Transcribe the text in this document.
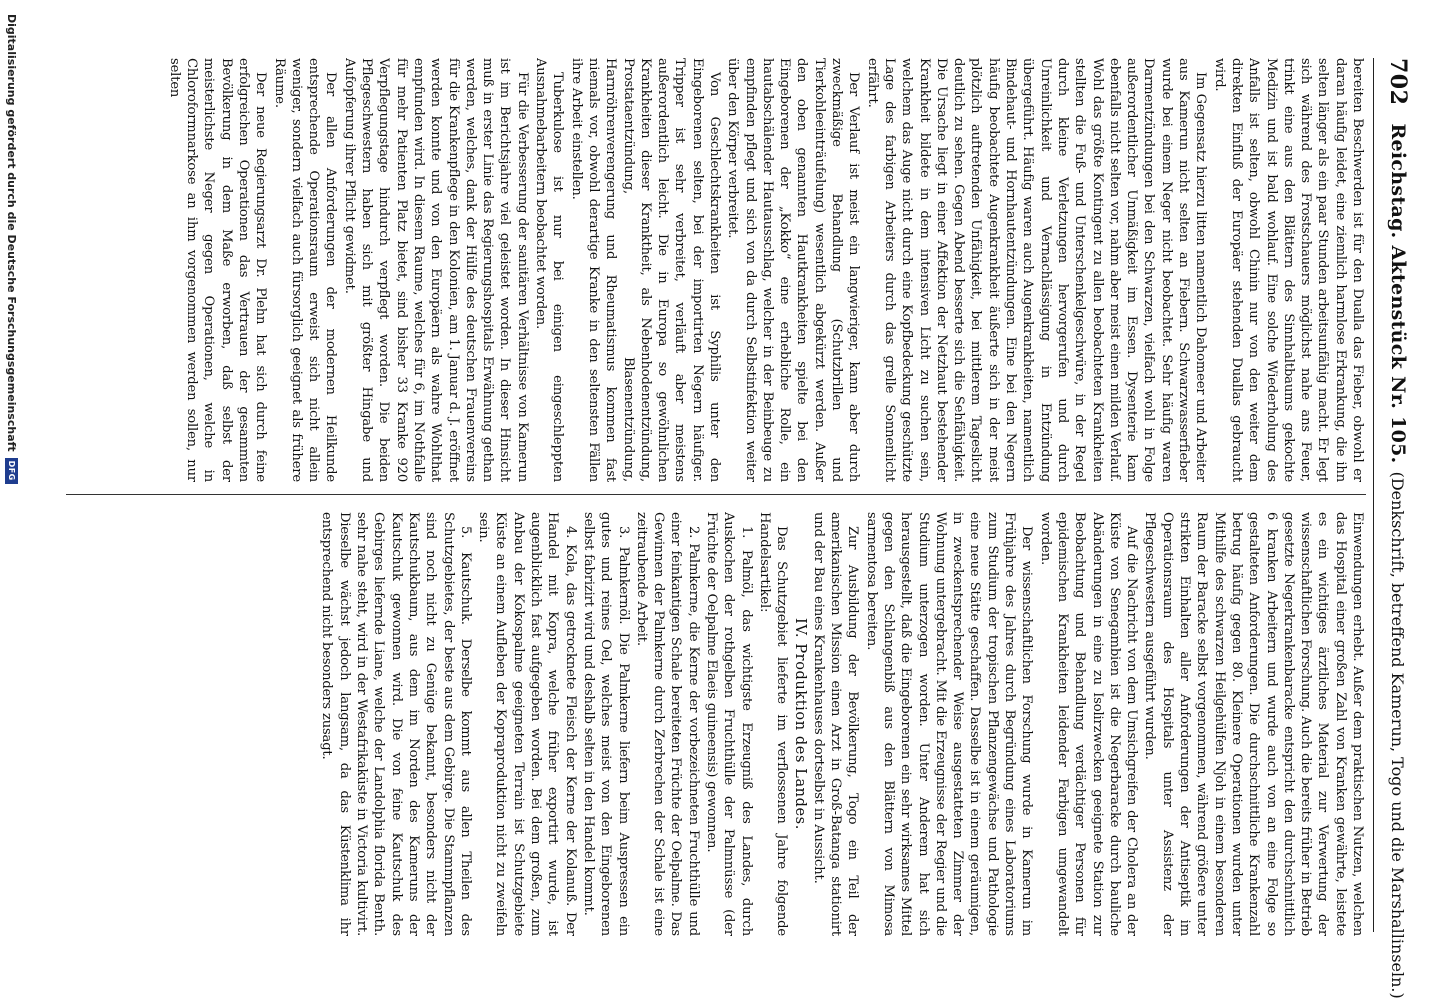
702
Reichstag. Aktenstück Nr. 105.
(Denkschrift, betreffend Kamerun, Togo und die Marshallinseln.)

bereiten Beschwerden ist für den Dualla das Fieber, obwohl er daran häufig leidet, eine ziemlich harmlose Erkrankung, die ihn selten länger als ein paar Stunden arbeitsunfähig macht. Er legt sich während des Frostschauers möglichst nahe ans Feuer, trinkt eine aus den Blättern des Sinnhaltbaums gekochte Medizin und ist bald wohlauf. Eine solche Wiederholung des Anfalls ist selten, obwohl Chinin nur von den weiter dem direkten Einfluß der Europäer stehenden Duallas gebraucht wird.

Im Gegensatz hierzu litten namentlich Dahomeer und Arbeiter aus Kamerun nicht selten an Fiebern. Schwarzwasserfieber wurde bei einem Neger nicht beobachtet. Sehr häufig waren Darmentzündungen bei den Schwarzen, vielfach wohl in Folge außerordentlicher Unmäßigkeit im Essen. Dysenterie kam ebenfalls nicht selten vor, nahm aber meist einen milden Verlauf. Wohl das größte Kontingent zu allen beobachteten Krankheiten stellten die Fuß- und Unterschenkelgeschwüre, in der Regel durch kleine Verletzungen hervorgerufen und durch Unreinlichkeit und Vernachlässigung in Entzündung übergeführt. Häufig waren auch Augenkrankheiten, namentlich Bindehaut- und Hornhautentzündungen. Eine bei den Negern häufig beobachtete Augenkrankheit äußerte sich in der meist plötzlich auftretenden Unfähigkeit, bei mittlerem Tageslicht deutlich zu sehen. Gegen Abend besserte sich die Sehfähigkeit. Die Ursache liegt in einer Affektion der Netzhaut bestehender Krankheit bildete in dem intensiven Licht zu suchen sein, welchem das Auge nicht durch eine Kopfbedeckung geschützte Lage des farbigen Arbeiters durch das grelle Sonnenlicht erfährt.

Der Verlauf ist meist ein langwieriger, kann aber durch zweckmäßige Behandlung (Schutzbrillen und Tierkohleeinträufelung) wesentlich abgekürzt werden. Außer den oben genannten Hautkrankheiten spielte bei den Eingeborenen der „Kokko“ eine erhebliche Rolle, ein hautabschälender Hautausschlag, welcher in der Beinbeuge zu empfinden pflegt und sich von da durch Selbstinfektion weiter über den Körper verbreitet.

Von Geschlechtskrankheiten ist Syphilis unter den Eingeborenen selten, bei der importirten Negern häufiger. Tripper ist sehr verbreitet, verläuft aber meistens außerordentlich leicht. Die in Europa so gewöhnlichen Krankheiten dieser Kranktheit, als Nebenhodenentzündung, Prostataentzündung, Blasenentzündung, Harnröhrenverengerung und Rheumatismus kommen fast niemals vor, obwohl derartige Kranke in den seltensten Fällen ihre Arbeit einstellen.

Tuberkulose ist nur bei einigen eingeschleppten Ausnahmebarbeitern beobachtet worden.

Für die Verbesserung der sanitären Verhältnisse von Kamerun ist im Berichtsjahre viel geleistet worden. In dieser Hinsicht muß in erster Linie das Regierungshospitals Erwähnung gethan werden, welches, dank der Hülfe des deutschen Frauenvereins für die Krankenpflege in den Kolonien, am 1. Januar d. J. eröffnet werden konnte und von den Europäern als wahre Wohlthat empfunden wird. In diesem Raume, welches für 6, im Nothfalle für mehr Patienten Platz bietet, sind bisher 33 Kranke 920 Verpflegungstage hindurch verpflegt worden. Die beiden Pflegeschwestern haben sich mit größter Hingabe und Aufopferung ihrer Pflicht gewidmet.

Der allen Anforderungen der modernen Heilkunde entsprechende Operationsraum erweist sich nicht allein weniger, sondern vielfach auch fürsorglich geeignet als frühere Räume.

Der neue Regierungsarzt Dr. Plehn hat sich durch feine erfolgreichen Operationen das Vertrauen der gesammten Bevölkerung in dem Maße erworben, daß selbst der meisterlichste Neger gegen Operationen, welche in Chloroformnarkose an ihm vorgenommen werden sollen, nur selten

Einwendungen erhebt. Außer dem praktischen Nutzen, welchen das Hospital einer großen Zahl von Kranken gewährte, leistete es ein wichtiges ärztliches Material zur Verwertung der wissenschaftlichen Forschung. Auch die bereits früher in Betrieb gesetzte Negerkrankenbaracke entspricht den durchschnittlich 6 kranken Arbeitern und wurde auch von an eine Folge so gestalteten Anforderungen. Die durchschnittliche Krankenzahl betrug häufig gegen 80. Kleinere Operationen wurden unter Mithilfe des schwarzen Heilgehülfen Njoh in einem besonderen Raum der Baracke selbst vorgenommen, während größere unter strikten Einhalten aller Anforderungen der Antiseptik im Operationsraum des Hospitals unter Assistenz der Pflegeschwestern ausgeführt wurden.

Auf die Nachricht von dem Umsichgreifen der Cholera an der Küste von Senegambien ist die Negerbaracke durch bauliche Abänderungen in eine zu Isolirzwecken geeignete Station zur Beobachtung und Behandlung verdächtiger Personen für epidemischen Krankheiten leidender Farbigen umgewandelt worden.

Der wissenschaftlichen Forschung wurde in Kamerun im Frühjahre des Jahres durch Begründung eines Laboratoriums zum Studium der tropischen Pflanzengewächse und Pathologie eine neue Stätte geschaffen. Dasselbe ist in einem geräumigen, in zweckentsprechender Weise ausgestatteten Zimmer der Wohnung untergebracht. Mit die Erzeugnisse der Regier und die Studium unterzogen worden. Unter Anderem hat sich herausgestellt, daß die Eingeborenen ein sehr wirksames Mittel gegen den Schlangenbiß aus den Blättern von Mimosa sarmentosa bereiten.

Zur Ausbildung der Bevölkerung, Togo ein Teil der amerikanischen Mission einen Arzt in Groß-Batanga stationirt und der Bau eines Krankenhauses dortselbst in Aussicht.

IV. Produktion des Landes.

Das Schutzgebiet lieferte im verflossenen Jahre folgende Handelsartikel:

1. Palmöl, das wichtigste Erzeugniß des Landes, durch Auskochen der rothgelben Fruchthülle der Palmnüsse (der Früchte der Oelpalme Elaeis guineensis) gewonnen.

2. Palmkerne, die Kerne der vorbezeichneten Fruchthülle und einer feinkantigen Schale bereiteten Früchte der Oelpalme. Das Gewinnen der Palmkerne durch Zerbrechen der Schale ist eine zeitraubende Arbeit.

3. Palmkernöl. Die Palmkerne liefern beim Auspressen ein gutes und reines Oel, welches meist von den Eingeborenen selbst fabrizirt wird und deshalb selten in den Handel kommt.

4. Kola, das getrocknete Fleisch der Kerne der Kolanuß. Der Handel mit Kopra, welche früher exportirt wurde, ist augenblicklich fast aufgegeben worden. Bei dem großen, zum Anbau der Kokospalme geeigneten Terrain ist Schutzgebiete Küste an einem Aufleben der Kopraproduktion nicht zu zweifeln sein.

5. Kautschuk. Derselbe kommt aus allen Theilen des Schutzgebietes, der beste aus dem Gebirge. Die Stammpflanzen sind noch nicht zu Genüge bekannt, besonders nicht der Kautschukbaum, aus dem im Norden des Kameruns der Kautschuk gewonnen wird. Die von feine Kautschuk des Gebirges liefernde Liane, welche der Landolphia florida Benth. sehr nahe steht, wird in der Westafrikaküste in Victoria kultivirt. Dieselbe wächst jedoch langsam, da das Küstenklima ihr entsprechend nicht besonders zusagt.

Digitalisierung gefördert durch die Deutsche Forschungsgemeinschaft
DFG
